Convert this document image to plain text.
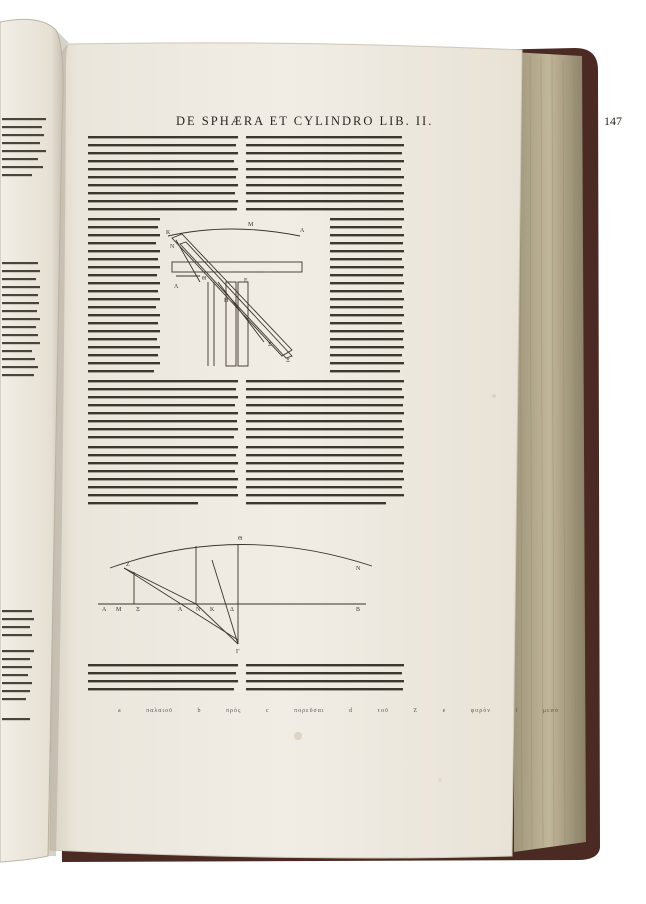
K
N
M
A
Λ
H
Θ	E
Σ
Ξ
Z
Θ
N
A M Ξ	Λ N K	Δ	B
Γ
DE SPHÆRA ET CYLINDRO LIB. II.	147
a παλαιοῦ b πρὸς c πορεῦσαι d τοῦ Ζ e φορὸν f μεσὸ
